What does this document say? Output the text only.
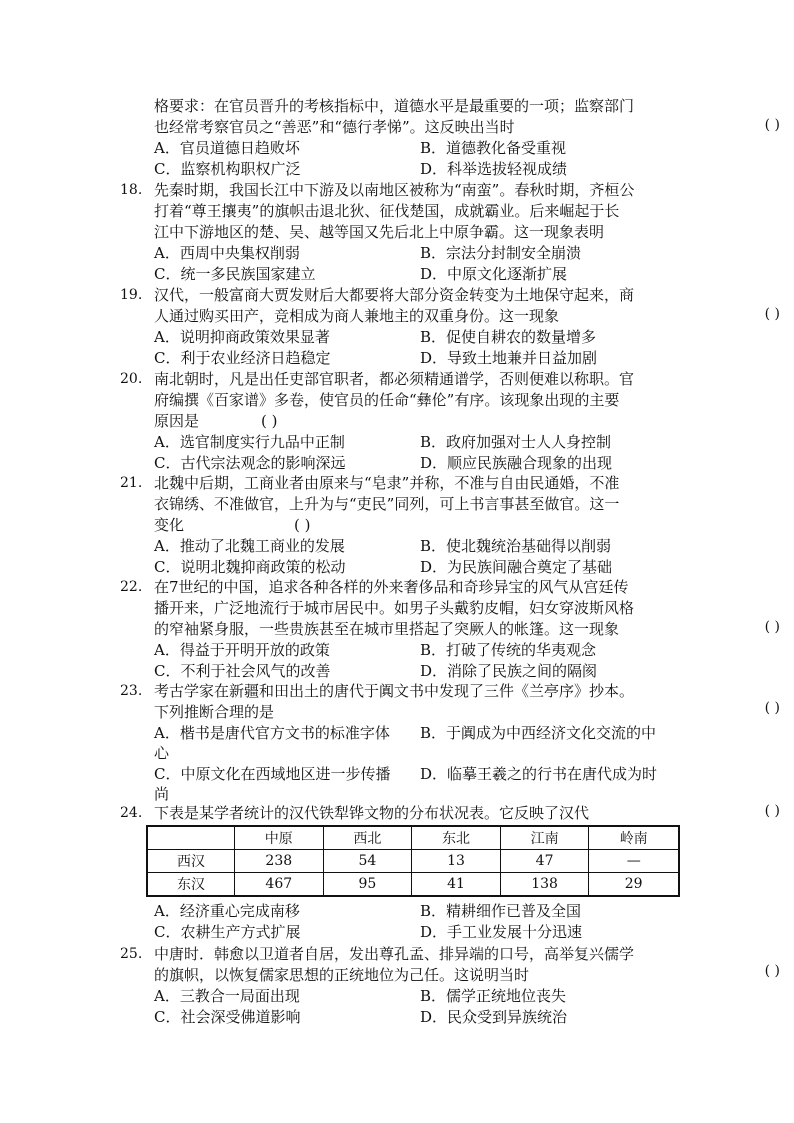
格要求：在官员晋升的考核指标中，道德水平是最重要的一项；监察部门
也经常考察官员之“善恶”和“德行孝悌”。这反映出当时	( )
A．官员道德日趋败坏	B．道德教化备受重视
C．监察机构职权广泛	D．科举选拔轻视成绩
18. 先秦时期，我国长江中下游及以南地区被称为“南蛮”。春秋时期，齐桓公
打着“尊王攘夷”的旗帜击退北狄、征伐楚国，成就霸业。后来崛起于长
江中下游地区的楚、吴、越等国又先后北上中原争霸。这一现象表明
A．西周中央集权削弱	B．宗法分封制安全崩溃
C．统一多民族国家建立	D．中原文化逐渐扩展
19. 汉代，一般富商大贾发财后大都要将大部分资金转变为土地保守起来，商
人通过购买田产，竞相成为商人兼地主的双重身份。这一现象	( )
A．说明抑商政策效果显著	B．促使自耕农的数量增多
C．利于农业经济日趋稳定	D．导致土地兼并日益加剧
20. 南北朝时，凡是出任吏部官职者，都必须精通谱学，否则便难以称职。官
府编撰《百家谱》多卷，使官员的任命“彝伦”有序。该现象出现的主要
原因是	( )
A．选官制度实行九品中正制	B．政府加强对士人人身控制
C．古代宗法观念的影响深远	D．顺应民族融合现象的出现
21. 北魏中后期，工商业者由原来与“皂隶”并称，不准与自由民通婚，不准
衣锦绣、不准做官，上升为与“吏民”同列，可上书言事甚至做官。这一
变化	( )
A．推动了北魏工商业的发展	B．使北魏统治基础得以削弱
C．说明北魏抑商政策的松动	D．为民族间融合奠定了基础
22. 在7世纪的中国，追求各种各样的外来奢侈品和奇珍异宝的风气从宫廷传
播开来，广泛地流行于城市居民中。如男子头戴豹皮帽，妇女穿波斯风格
的窄袖紧身服，一些贵族甚至在城市里搭起了突厥人的帐篷。这一现象	( )
A．得益于开明开放的政策	B．打破了传统的华夷观念
C．不利于社会风气的改善	D．消除了民族之间的隔阂
23. 考古学家在新疆和田出土的唐代于阗文书中发现了三件《兰亭序》抄本。
下列推断合理的是	( )
A．楷书是唐代官方文书的标准字体 B．于阗成为中西经济文化交流的中
心
C．中原文化在西域地区进一步传播 D．临摹王羲之的行书在唐代成为时
尚
24. 下表是某学者统计的汉代铁犁铧文物的分布状况表。它反映了汉代	( )
	中原	西北	东北	江南	岭南
西汉	238	54	13	47	—
东汉	467	95	41	138	29
A．经济重心完成南移	B．精耕细作已普及全国
C．农耕生产方式扩展	D．手工业发展十分迅速
25. 中唐时．韩愈以卫道者自居，发出尊孔孟、排异端的口号，高举复兴儒学
的旗帜，以恢复儒家思想的正统地位为己任。这说明当时	( )
A．三教合一局面出现	B．儒学正统地位丧失
C．社会深受佛道影响	D．民众受到异族统治
